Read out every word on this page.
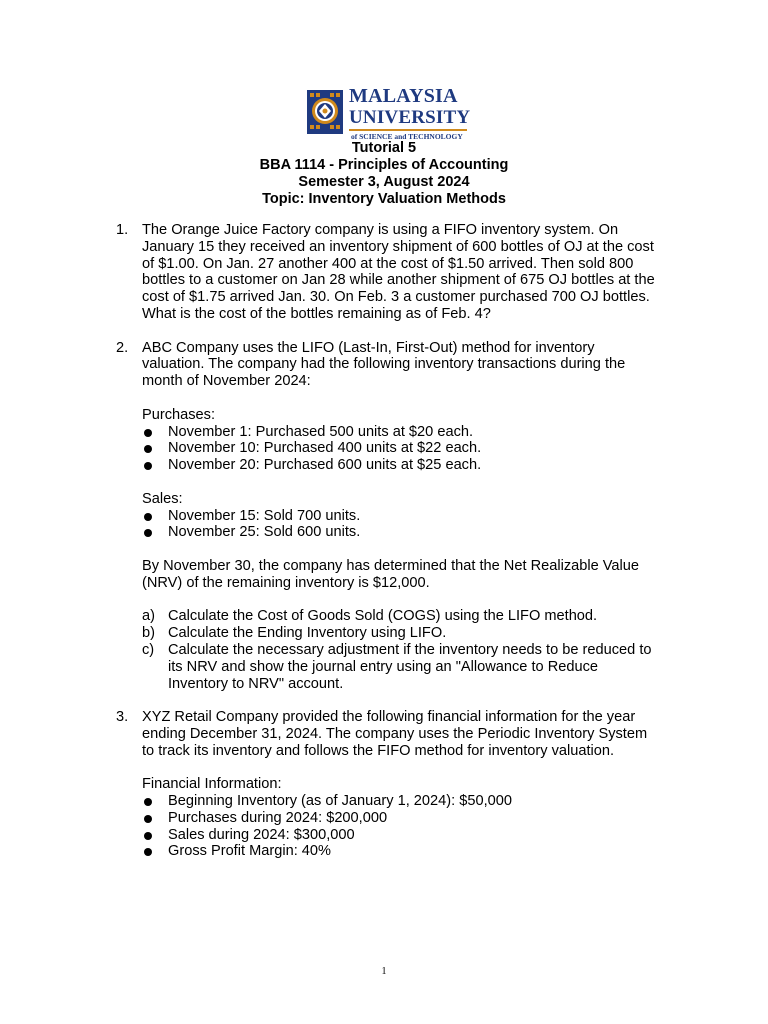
MALAYSIA
UNIVERSITY
of SCIENCE and TECHNOLOGY
Tutorial 5
BBA 1114 - Principles of Accounting
Semester 3, August 2024
Topic: Inventory Valuation Methods
1. The Orange Juice Factory company is using a FIFO inventory system. On January 15 they received an inventory shipment of 600 bottles of OJ at the cost of $1.00. On Jan. 27 another 400 at the cost of $1.50 arrived. Then sold 800 bottles to a customer on Jan 28 while another shipment of 675 OJ bottles at the cost of $1.75 arrived Jan. 30. On Feb. 3 a customer purchased 700 OJ bottles. What is the cost of the bottles remaining as of Feb. 4?
2. ABC Company uses the LIFO (Last-In, First-Out) method for inventory valuation. The company had the following inventory transactions during the month of November 2024:
Purchases:
November 1: Purchased 500 units at $20 each.
November 10: Purchased 400 units at $22 each.
November 20: Purchased 600 units at $25 each.
Sales:
November 15: Sold 700 units.
November 25: Sold 600 units.
By November 30, the company has determined that the Net Realizable Value (NRV) of the remaining inventory is $12,000.
a) Calculate the Cost of Goods Sold (COGS) using the LIFO method.
b) Calculate the Ending Inventory using LIFO.
c) Calculate the necessary adjustment if the inventory needs to be reduced to its NRV and show the journal entry using an "Allowance to Reduce Inventory to NRV" account.
3. XYZ Retail Company provided the following financial information for the year ending December 31, 2024. The company uses the Periodic Inventory System to track its inventory and follows the FIFO method for inventory valuation.
Financial Information:
Beginning Inventory (as of January 1, 2024): $50,000
Purchases during 2024: $200,000
Sales during 2024: $300,000
Gross Profit Margin: 40%
1
